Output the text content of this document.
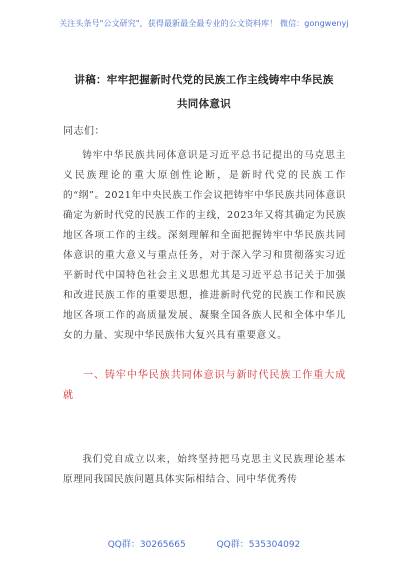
关注头条号"公文研究"，获得最新最全最专业的公文资料库！ 微信：gongwenyj
讲稿：牢牢把握新时代党的民族工作主线铸牢中华民族共同体意识
同志们：
铸牢中华民族共同体意识是习近平总书记提出的马克思主义民族理论的重大原创性论断，是新时代党的民族工作的“纲”。2021年中央民族工作会议把铸牢中华民族共同体意识确定为新时代党的民族工作的主线，2023年又将其确定为民族地区各项工作的主线。深刻理解和全面把握铸牢中华民族共同体意识的重大意义与重点任务，对于深入学习和贯彻落实习近平新时代中国特色社会主义思想尤其是习近平总书记关于加强和改进民族工作的重要思想，推进新时代党的民族工作和民族地区各项工作的高质量发展、凝聚全国各族人民和全体中华儿女的力量、实现中华民族伟大复兴具有重要意义。
一、铸牢中华民族共同体意识与新时代民族工作重大成就
我们党自成立以来，始终坚持把马克思主义民族理论基本原理同我国民族问题具体实际相结合、同中华优秀传
QQ群：30265665	QQ群：535304092
